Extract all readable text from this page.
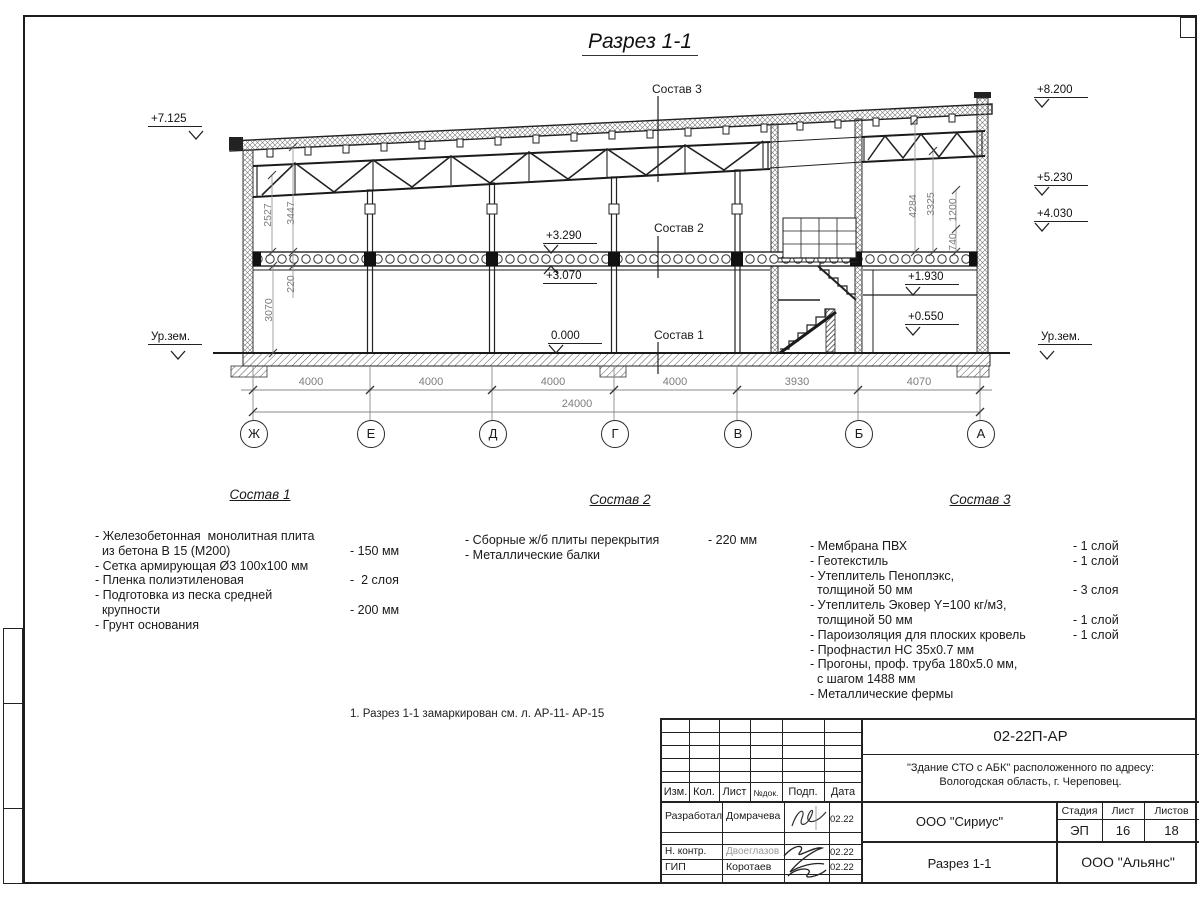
Разрез 1-1
+7.125
+8.200
+5.230
+4.030
+3.290
+3.070
0.000
+1.930
+0.550
Ур.зем.	Ур.зем.
Состав 3
Состав 2
Состав 1
2527 3447
3070
220
4284 3325 1200
740
4000	4000	4000	4000	3930	4070
24000
Ж	Е	Д	Г	В	Б	А
Состав 1
- Железобетонная  монолитная плита
из бетона В 15 (М200)	- 150 мм
- Сетка армирующая Ø3 100х100 мм
- Пленка полиэтиленовая	-  2 слоя
- Подготовка из песка средней
крупности	- 200 мм
- Грунт основания
Состав 2
- Сборные ж/б плиты перекрытия	- 220 мм
- Металлические балки
Состав 3
- Мембрана ПВХ	- 1 слой
- Геотекстиль	- 1 слой
- Утеплитель Пеноплэкс,
толщиной 50 мм	- 3 слоя
- Утеплитель Эковер Y=100 кг/м3,
толщиной 50 мм	- 1 слой
- Пароизоляция для плоских кровель	- 1 слой
- Профнастил НС 35х0.7 мм
- Прогоны, проф. труба 180х5.0 мм,
с шагом 1488 мм
- Металлические фермы
1. Разрез 1-1 замаркирован см. л. АР-11- АР-15
Изм. Кол. Лист №док. Подп.	Дата
Разработал Домрачева	02.22
Н. контр. Двоеглазов	02.22
ГИП	Коротаев	02.22
02-22П-АР
"Здание СТО с АБК" расположенного по адресу:
Вологодская область, г. Череповец.
ООО "Сириус"
Стадия	Лист	Листов
ЭП	16	18
Разрез 1-1	ООО "Альянс"
